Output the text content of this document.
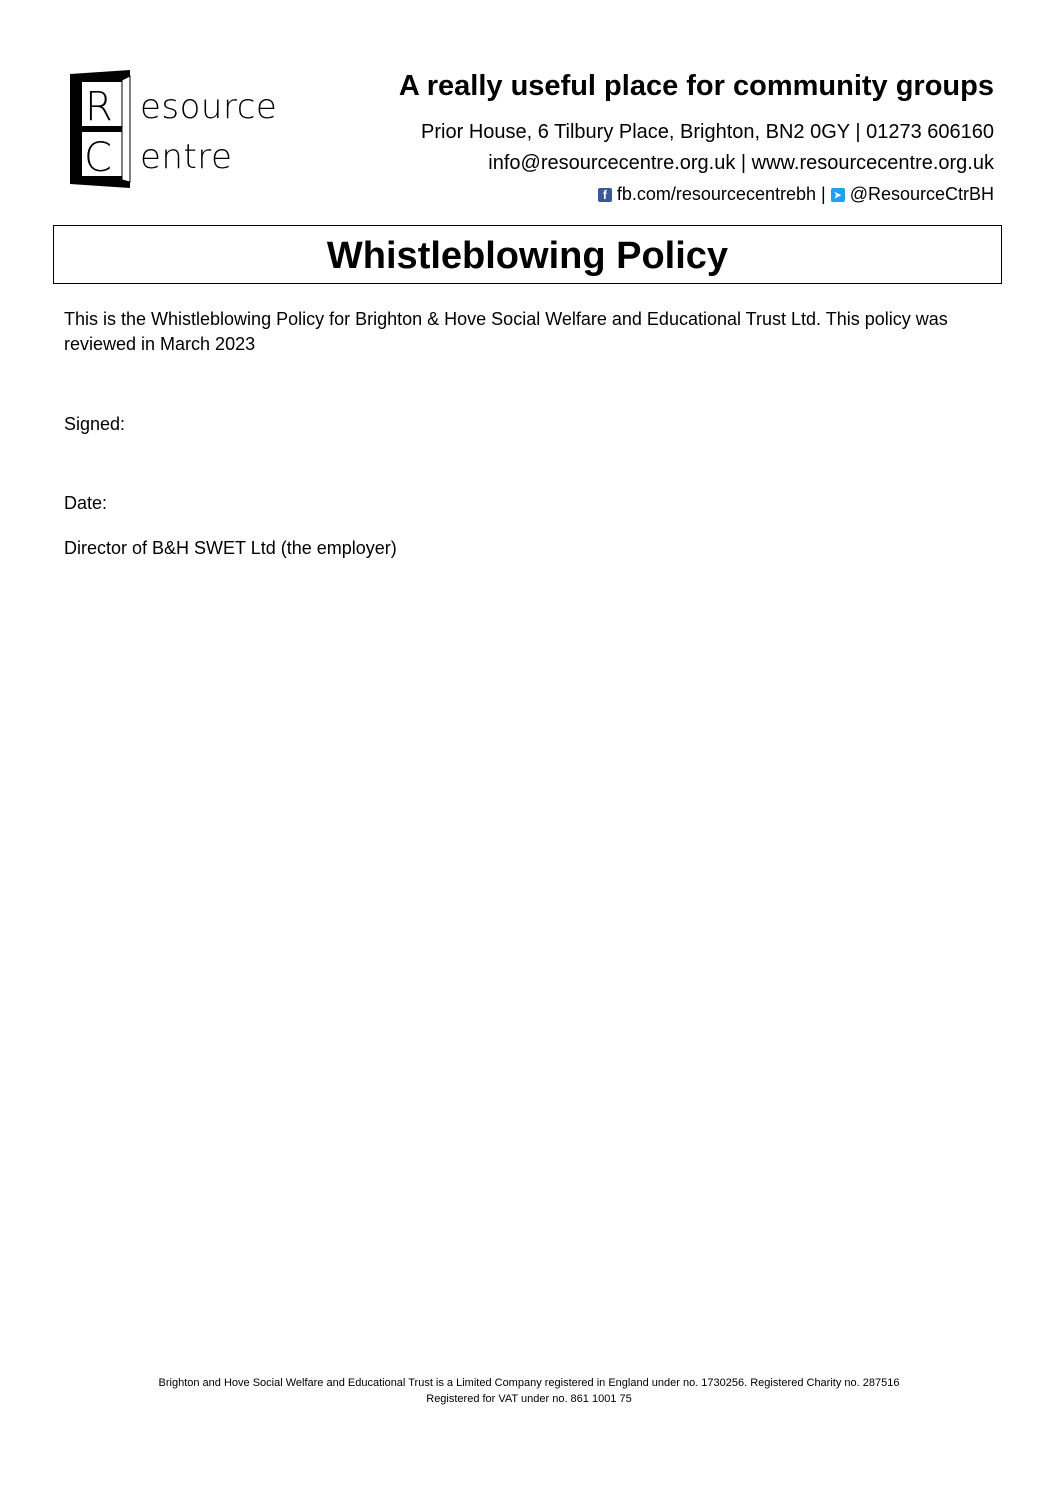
R
C
esource
entre
A really useful place for community groups
Prior House, 6 Tilbury Place, Brighton, BN2 0GY | 01273 606160
info@resourcecentre.org.uk | www.resourcecentre.org.uk
f fb.com/resourcecentrebh | ➤ @ResourceCtrBH
Whistleblowing Policy
This is the Whistleblowing Policy for Brighton & Hove Social Welfare and Educational Trust Ltd. This policy was reviewed in March 2023
Signed:
Date:
Director of B&H SWET Ltd (the employer)
Brighton and Hove Social Welfare and Educational Trust is a Limited Company registered in England under no. 1730256. Registered Charity no. 287516
Registered for VAT under no. 861 1001 75
